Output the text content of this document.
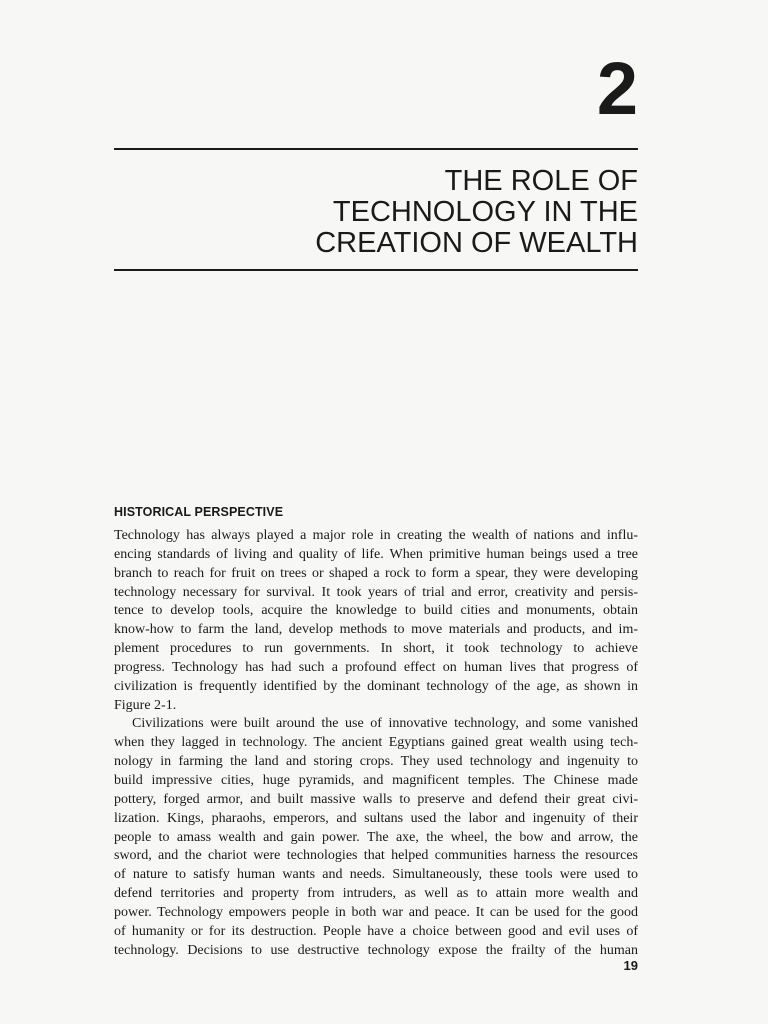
2
THE ROLE OF
TECHNOLOGY IN THE
CREATION OF WEALTH
HISTORICAL PERSPECTIVE

Technology has always played a major role in creating the wealth of nations and influ-
encing standards of living and quality of life. When primitive human beings used a tree
branch to reach for fruit on trees or shaped a rock to form a spear, they were developing
technology necessary for survival. It took years of trial and error, creativity and persis-
tence to develop tools, acquire the knowledge to build cities and monuments, obtain
know-how to farm the land, develop methods to move materials and products, and im-
plement procedures to run governments. In short, it took technology to achieve
progress. Technology has had such a profound effect on human lives that progress of
civilization is frequently identified by the dominant technology of the age, as shown in
Figure 2-1.

Civilizations were built around the use of innovative technology, and some vanished
when they lagged in technology. The ancient Egyptians gained great wealth using tech-
nology in farming the land and storing crops. They used technology and ingenuity to
build impressive cities, huge pyramids, and magnificent temples. The Chinese made
pottery, forged armor, and built massive walls to preserve and defend their great civi-
lization. Kings, pharaohs, emperors, and sultans used the labor and ingenuity of their
people to amass wealth and gain power. The axe, the wheel, the bow and arrow, the
sword, and the chariot were technologies that helped communities harness the resources
of nature to satisfy human wants and needs. Simultaneously, these tools were used to
defend territories and property from intruders, as well as to attain more wealth and
power. Technology empowers people in both war and peace. It can be used for the good
of humanity or for its destruction. People have a choice between good and evil uses of
technology. Decisions to use destructive technology expose the frailty of the human

19
